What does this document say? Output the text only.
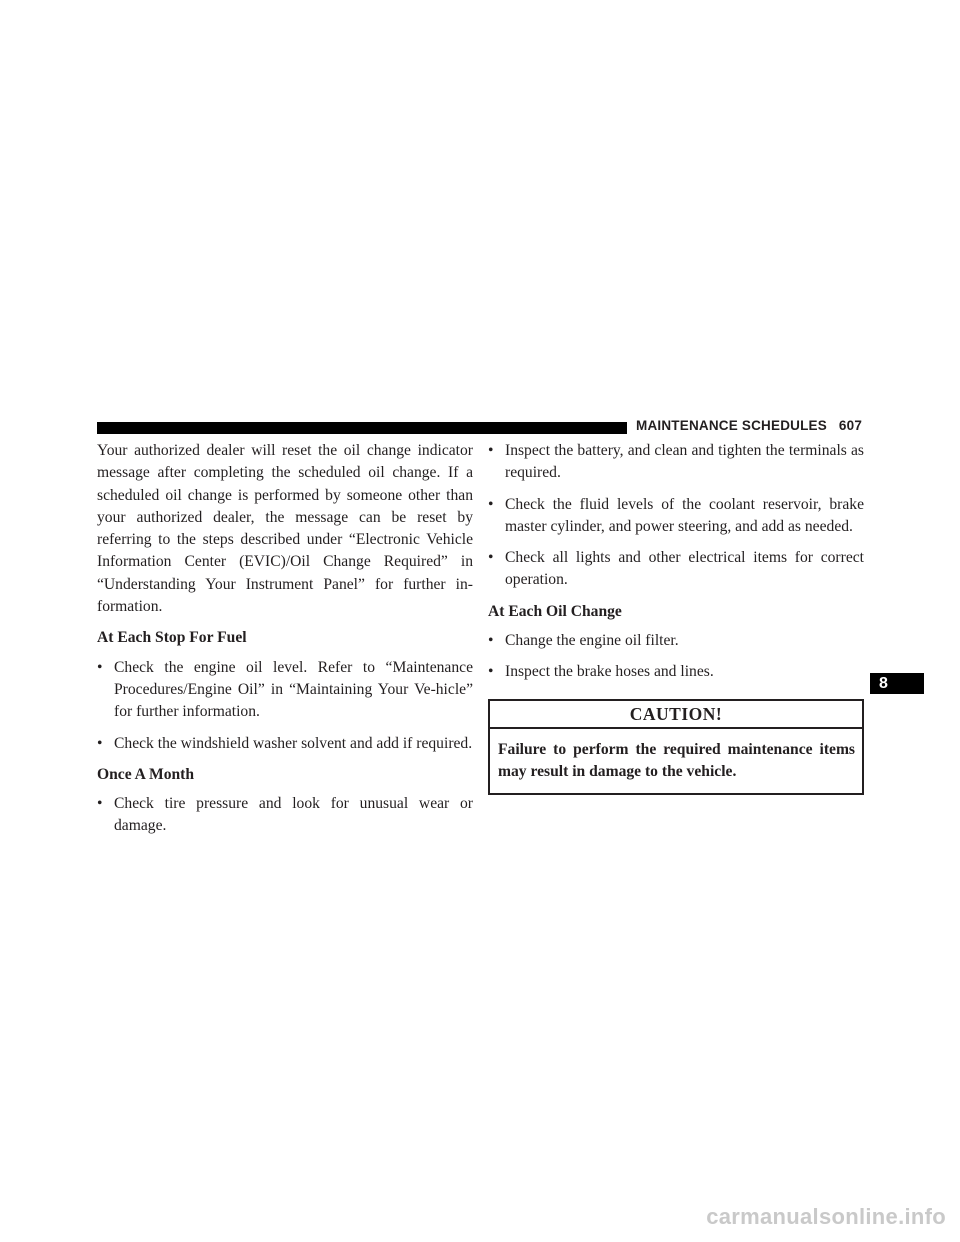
MAINTENANCE SCHEDULES 607

Your authorized dealer will reset the oil change indicator message after completing the scheduled oil change. If a scheduled oil change is performed by someone other than your authorized dealer, the message can be reset by referring to the steps described under “Electronic Vehicle Information Center (EVIC)/Oil Change Required” in “Understanding Your Instrument Panel” for further in-formation.

At Each Stop For Fuel
• Check the engine oil level. Refer to “Maintenance Procedures/Engine Oil” in “Maintaining Your Ve-hicle” for further information.
• Check the windshield washer solvent and add if required.
Once A Month
• Check tire pressure and look for unusual wear or damage.
• Inspect the battery, and clean and tighten the terminals as required.
• Check the fluid levels of the coolant reservoir, brake master cylinder, and power steering, and add as needed.
• Check all lights and other electrical items for correct operation.
At Each Oil Change
• Change the engine oil filter.
• Inspect the brake hoses and lines.
CAUTION!
Failure to perform the required maintenance items may result in damage to the vehicle.
8
carmanualsonline.info
